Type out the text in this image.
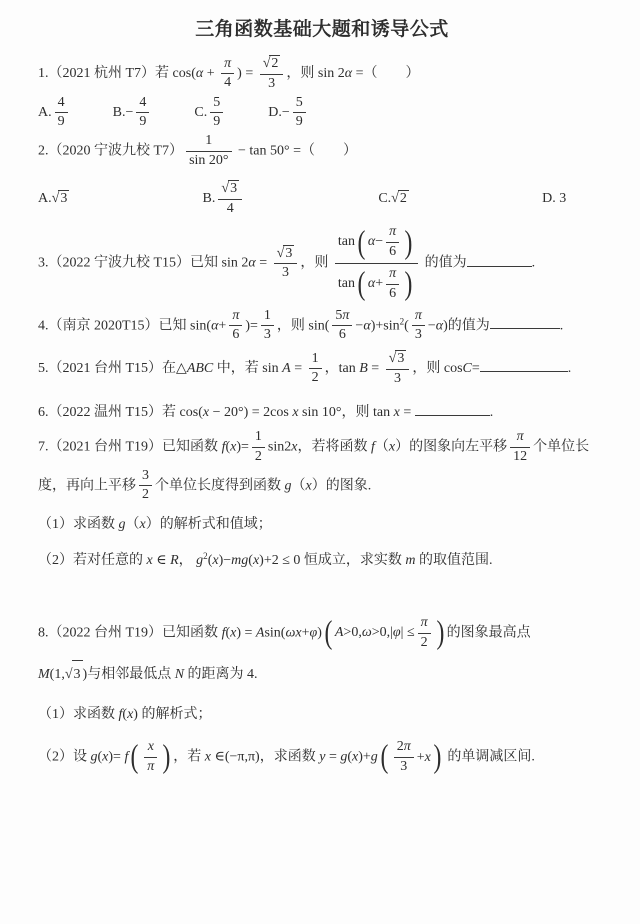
三角函数基础大题和诱导公式
1.（2021 杭州 T7）若 $\cos(\alpha + \frac{\pi}{4}$ ) = $\frac{√2}{3}$ ，则 sin 2α =（　　）
A.
4
9
B.−
4
9
C.
5
9
D.−
5
9
2.（2020 宁波九校 $T7) \frac{1}{\sin 20^\circ} - \tan 50^\circ$ =（　　）
A. √3	B.
√3
4
C. √2	D. 3
3.（2022 宁波九校 T15）已知 $\sin 2\alpha = \frac{√3}{3}$ ，则 tan ( α −
π
6 )
tan ( α +
π
6 ) 的值为	.
4.（南京 2020T15）已知 $\sin(\alpha+ \frac{\pi}{6}$ )= $\frac{1}{3}$ ，则 $\sin( \frac{5 \pi}{6} -\alpha)+\sin^2( \frac{\pi}{3} -\alpha)$的值为	.
5.（2021 台州 T15）在△ABC 中，若 $\sin A = \frac{1}{2}$ ，$\tan B = \frac{√3}{3}$ ，则 cosC=	.
6.（2022 温州 T15）若 cos(x − 20°) = 2cos x sin 10°，则 tan x =	.
7.（2021 台州 T19）已知函数 $f(x)= \frac{1}{2} \sin 2x$，若将函数 f（x）的图象向左平移 $\frac{\pi}{12}$ 个单位长度，再向上平移 $\frac{3}{2}$ 个单位长度得到函数 g（x）的图象.
（1）求函数 g（x）的解析式和值域；
（2）若对任意的 x ∈ R， $g^2(x)-mg(x)+2 \le 0$ 恒成立，求实数 m 的取值范围.
8.（2022 台州 T19）已知函数 f(x) = Asin(ωx+φ) ( A >0, ω >0,| φ | ≤
π
2 ) 的图象最高点
M(1,√3 )与相邻最低点 N 的距离为 4.
（1）求函数 f(x) 的解析式；
（2）设 g(x)= f ( x
π ) ，若 x ∈(−π,π)，求函数 y = g(x)+g ( 2 π
3
+ x ) 的单调减区间.
